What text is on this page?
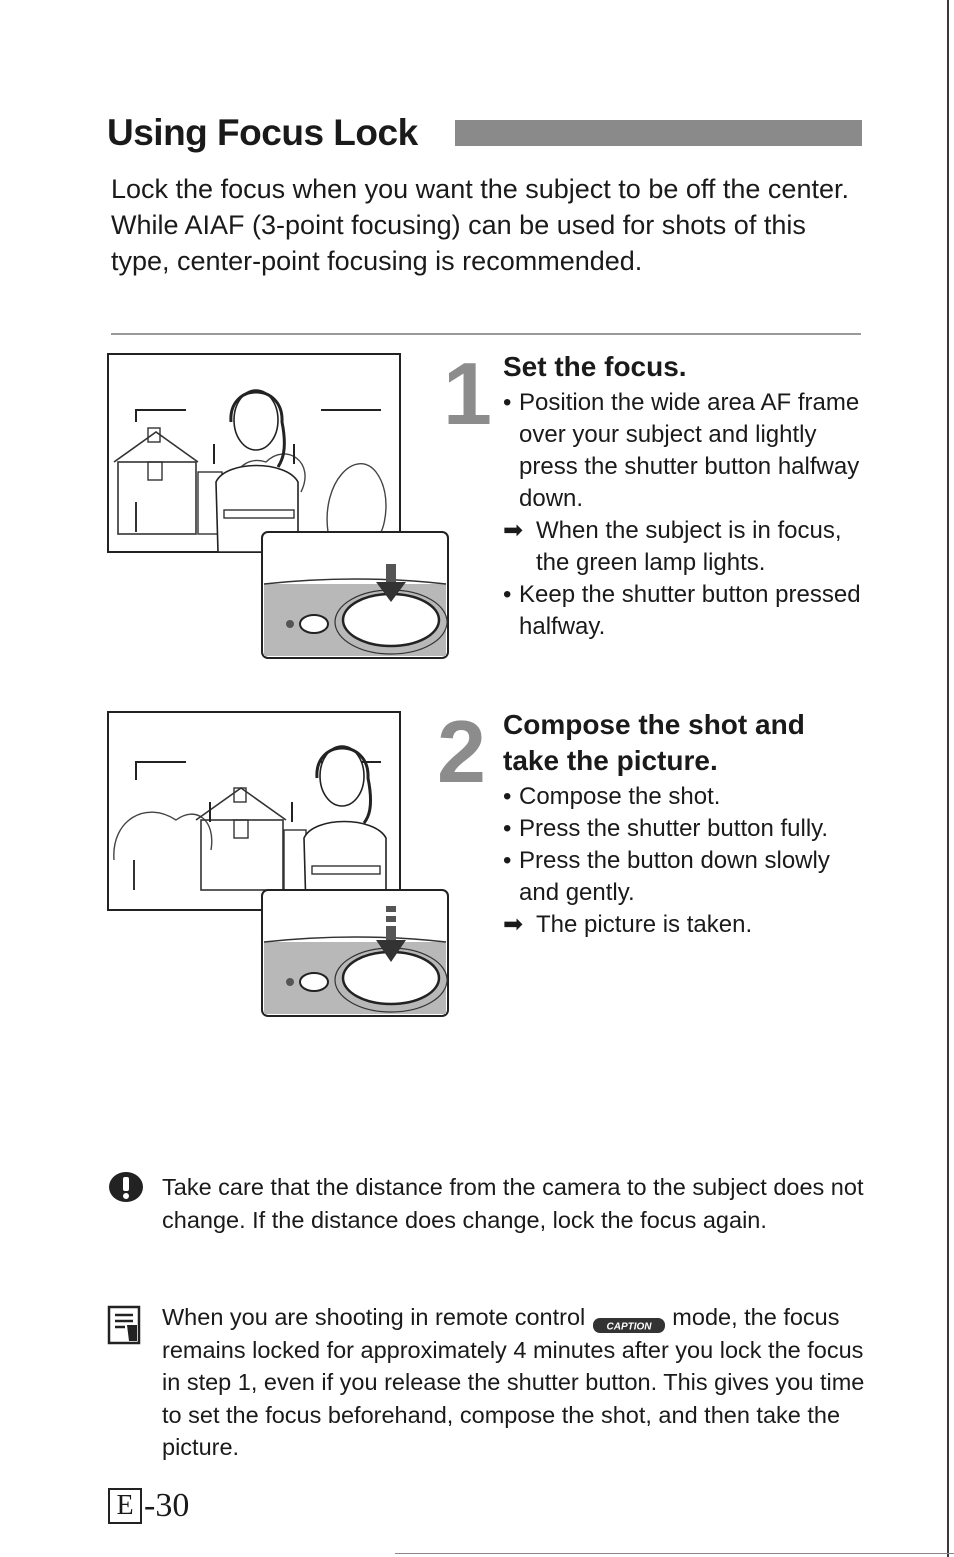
Using Focus Lock

Lock the focus when you want the subject to be off the center.

While AIAF (3-point focusing) can be used for shots of this type, center-point focusing is recommended.

1 Set the focus.
• Position the wide area AF frame over your subject and lightly press the shutter button halfway down.
➡ When the subject is in focus, the green lamp lights.
• Keep the shutter button pressed halfway.
2 Compose the shot and take the picture.
• Compose the shot.
• Press the shutter button fully.
• Press the button down slowly and gently.
➡ The picture is taken.
Take care that the distance from the camera to the subject does not change. If the distance does change, lock the focus again.
When you are shooting in remote control CAPTION mode, the focus remains locked for approximately 4 minutes after you lock the focus in step 1, even if you release the shutter button. This gives you time to set the focus beforehand, compose the shot, and then take the picture.
E -30
